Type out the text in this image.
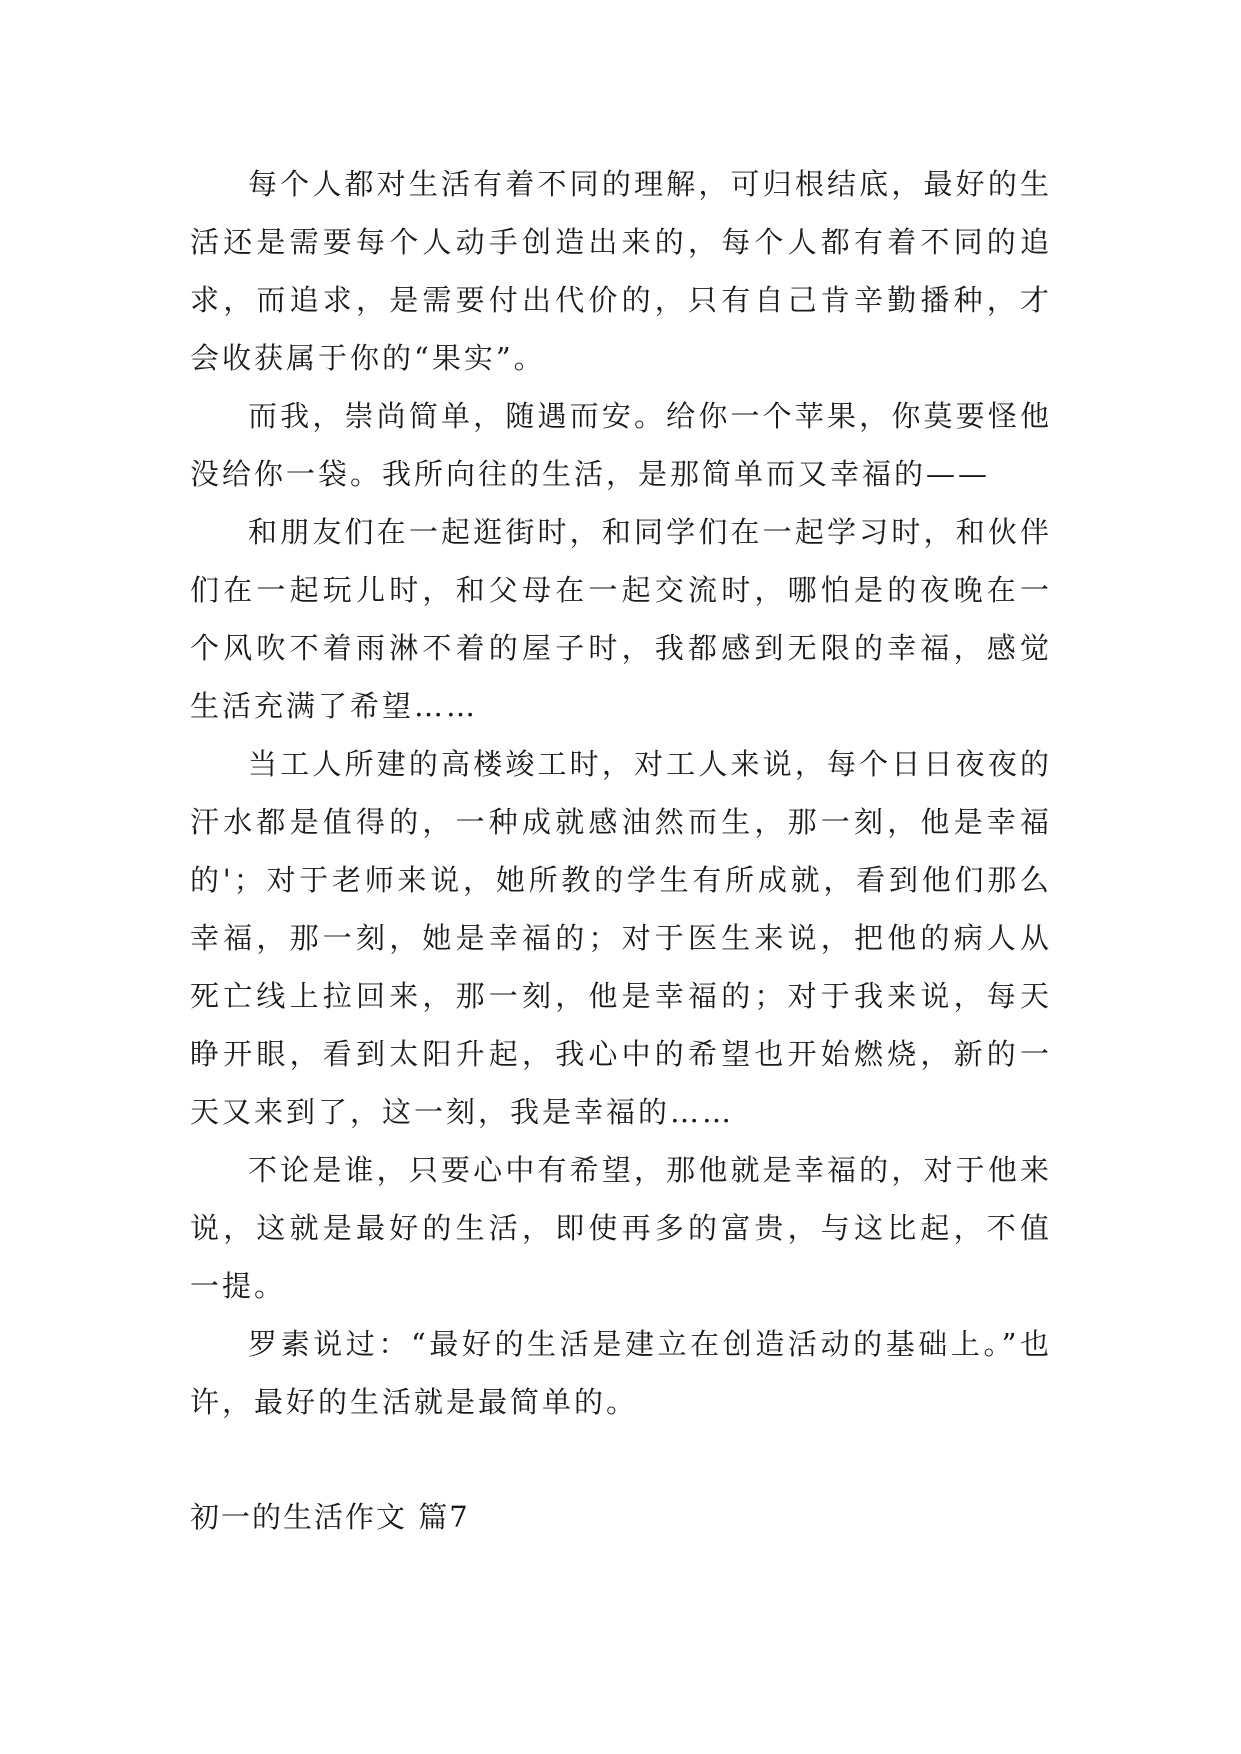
每个人都对生活有着不同的理解，可归根结底，最好的生活还是需要每个人动手创造出来的，每个人都有着不同的追求，而追求，是需要付出代价的，只有自己肯辛勤播种，才会收获属于你的“果实”。

而我，崇尚简单，随遇而安。给你一个苹果，你莫要怪他没给你一袋。我所向往的生活，是那简单而又幸福的——

和朋友们在一起逛街时，和同学们在一起学习时，和伙伴们在一起玩儿时，和父母在一起交流时，哪怕是的夜晚在一个风吹不着雨淋不着的屋子时，我都感到无限的幸福，感觉生活充满了希望……

当工人所建的高楼竣工时，对工人来说，每个日日夜夜的汗水都是值得的，一种成就感油然而生，那一刻，他是幸福的'；对于老师来说，她所教的学生有所成就，看到他们那么幸福，那一刻，她是幸福的；对于医生来说，把他的病人从死亡线上拉回来，那一刻，他是幸福的；对于我来说，每天睁开眼，看到太阳升起，我心中的希望也开始燃烧，新的一天又来到了，这一刻，我是幸福的……

不论是谁，只要心中有希望，那他就是幸福的，对于他来说，这就是最好的生活，即使再多的富贵，与这比起，不值一提。

罗素说过：“最好的生活是建立在创造活动的基础上。”也许，最好的生活就是最简单的。

初一的生活作文 篇7
